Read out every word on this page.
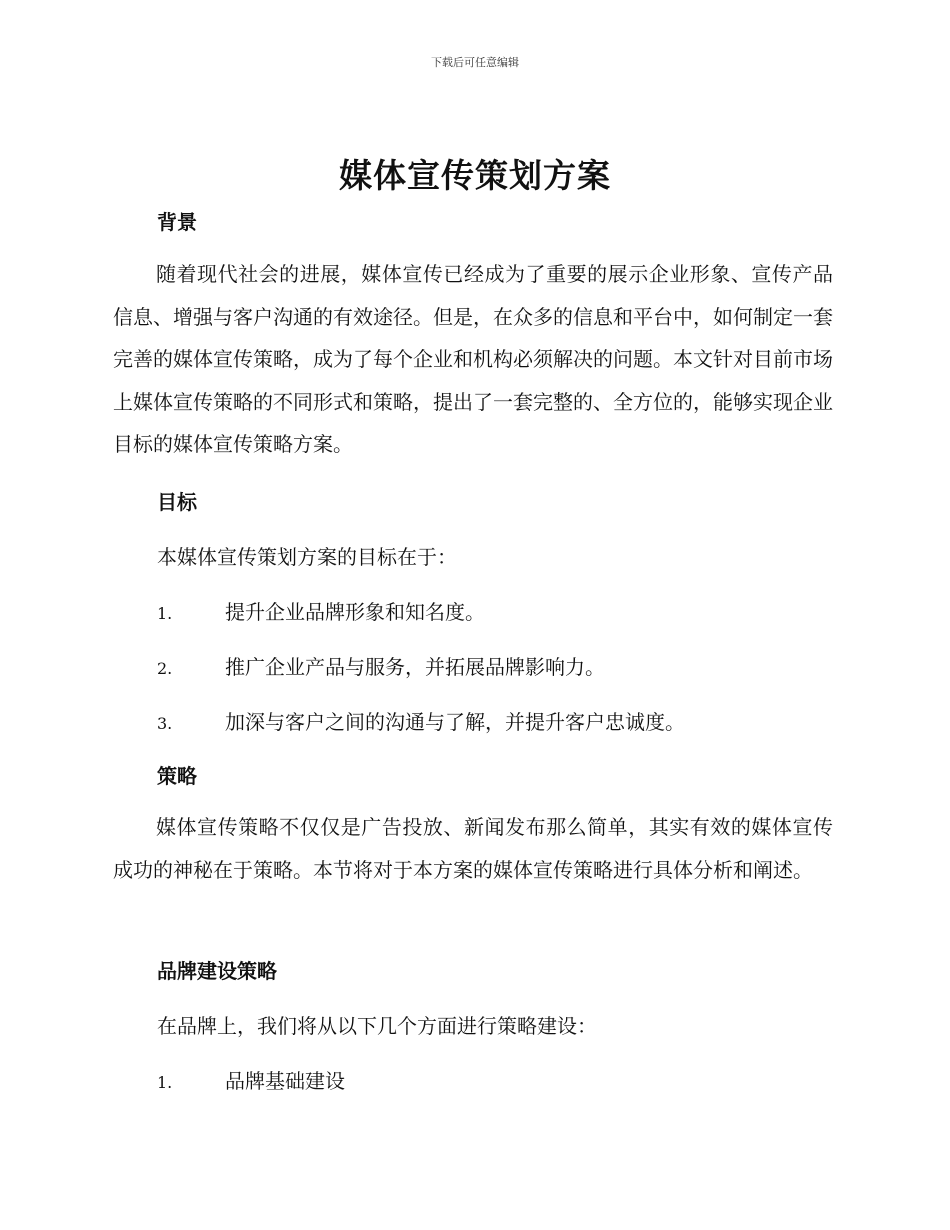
下载后可任意编辑
媒体宣传策划方案
背景

随着现代社会的进展，媒体宣传已经成为了重要的展示企业形象、宣传产品信息、增强与客户沟通的有效途径。但是，在众多的信息和平台中，如何制定一套完善的媒体宣传策略，成为了每个企业和机构必须解决的问题。本文针对目前市场上媒体宣传策略的不同形式和策略，提出了一套完整的、全方位的，能够实现企业目标的媒体宣传策略方案。

目标
本媒体宣传策划方案的目标在于：
1.	提升企业品牌形象和知名度。
2.	推广企业产品与服务，并拓展品牌影响力。
3.	加深与客户之间的沟通与了解，并提升客户忠诚度。
策略

媒体宣传策略不仅仅是广告投放、新闻发布那么简单，其实有效的媒体宣传成功的神秘在于策略。本节将对于本方案的媒体宣传策略进行具体分析和阐述。

品牌建设策略
在品牌上，我们将从以下几个方面进行策略建设：
1.	品牌基础建设
